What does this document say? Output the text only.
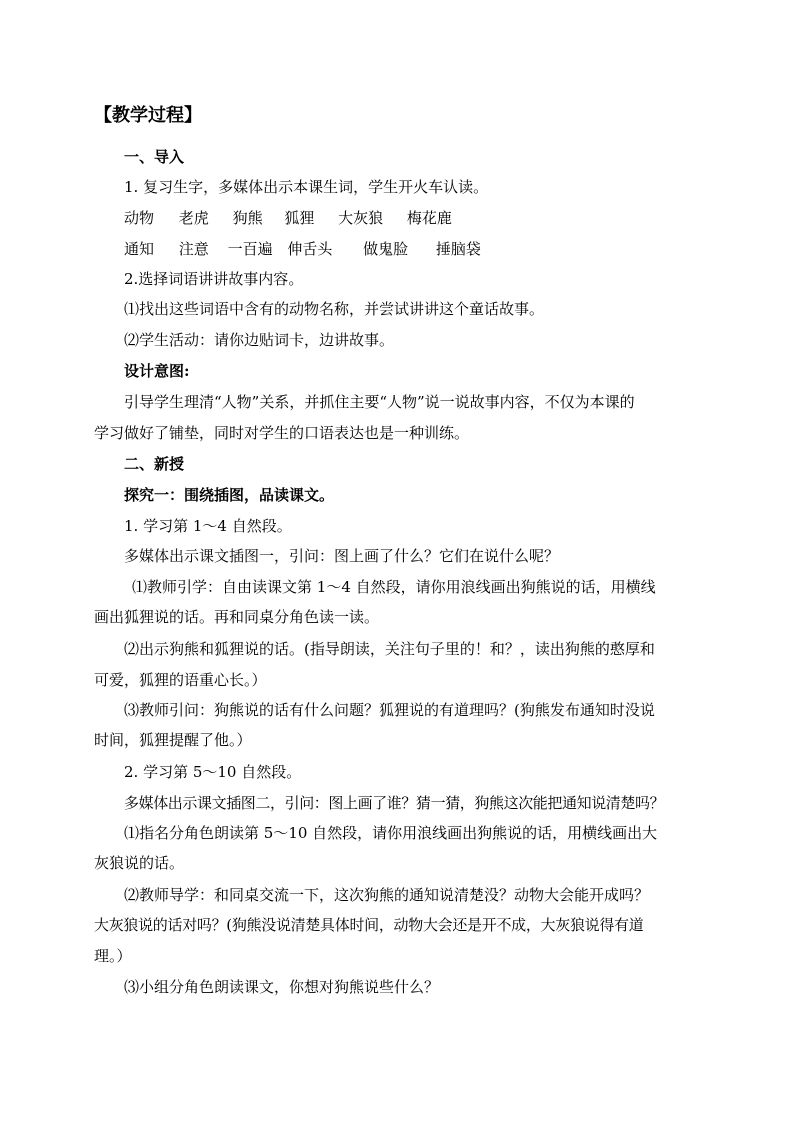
【教学过程】
一、导入
1. 复习生字，多媒体出示本课生词，学生开火车认读。
动物 老虎 狗熊 狐狸 大灰狼 梅花鹿
通知 注意 一百遍 伸舌头 做鬼脸 捶脑袋
2.选择词语讲讲故事内容。
⑴找出这些词语中含有的动物名称，并尝试讲讲这个童话故事。
⑵学生活动：请你边贴词卡，边讲故事。
设计意图:
引导学生理清“人物”关系，并抓住主要“人物”说一说故事内容，不仅为本课的
学习做好了铺垫，同时对学生的口语表达也是一种训练。
二、新授
探究一：围绕插图，品读课文。
1. 学习第 1～4 自然段。
多媒体出示课文插图一，引问：图上画了什么？它们在说什么呢？
⑴教师引学：自由读课文第 1～4 自然段，请你用浪线画出狗熊说的话，用横线
画出狐狸说的话。再和同桌分角色读一读。
⑵出示狗熊和狐狸说的话。(指导朗读，关注句子里的！和？，读出狗熊的憨厚和
可爱，狐狸的语重心长。）
⑶教师引问：狗熊说的话有什么问题？狐狸说的有道理吗？(狗熊发布通知时没说
时间，狐狸提醒了他。）
2. 学习第 5～10 自然段。
多媒体出示课文插图二，引问：图上画了谁？猜一猜，狗熊这次能把通知说清楚吗？
⑴指名分角色朗读第 5～10 自然段，请你用浪线画出狗熊说的话，用横线画出大
灰狼说的话。
⑵教师导学：和同桌交流一下，这次狗熊的通知说清楚没？动物大会能开成吗？
大灰狼说的话对吗？(狗熊没说清楚具体时间，动物大会还是开不成，大灰狼说得有道
理。）
⑶小组分角色朗读课文，你想对狗熊说些什么？
